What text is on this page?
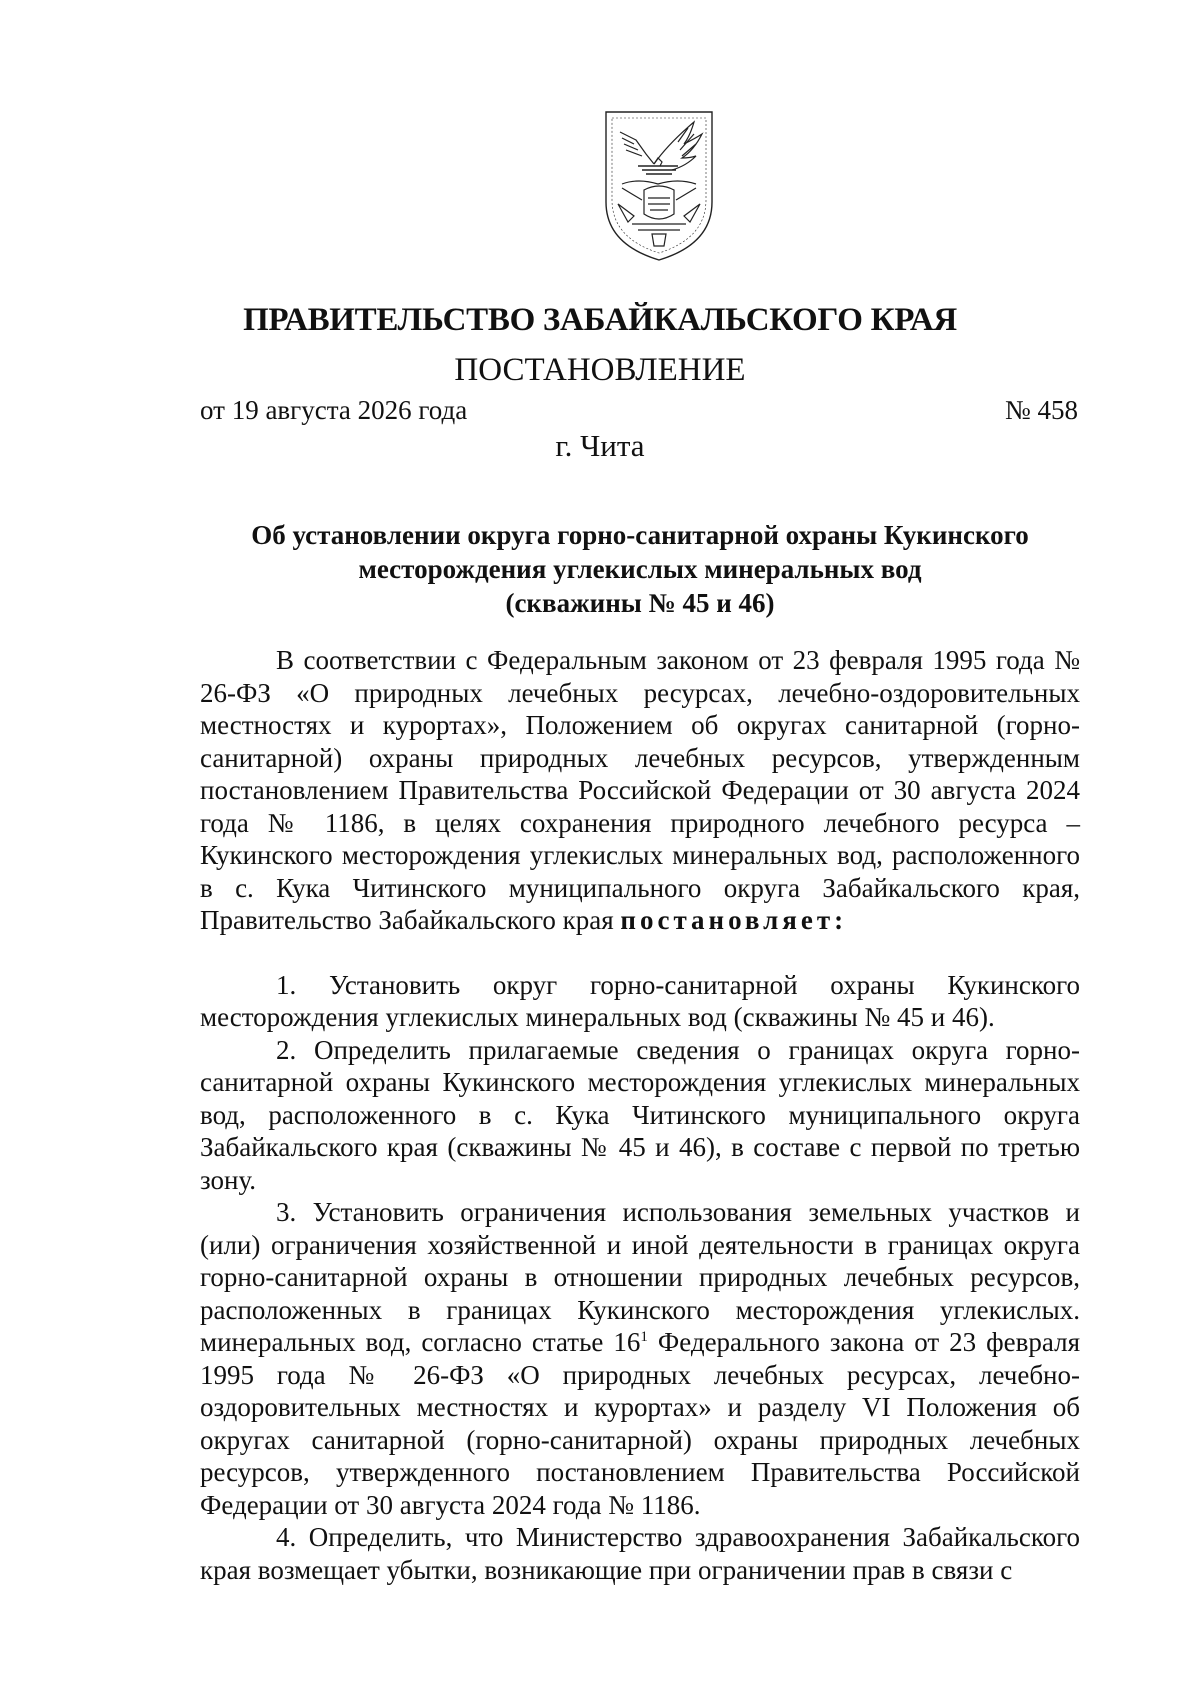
ПРАВИТЕЛЬСТВО ЗАБАЙКАЛЬСКОГО КРАЯ
ПОСТАНОВЛЕНИЕ
от 19 августа 2026 года	№ 458
г. Чита
Об установлении округа горно-санитарной охраны Кукинского
месторождения углекислых минеральных вод
(скважины № 45 и 46)

В соответствии с Федеральным законом от 23 февраля 1995 года № 26-ФЗ «О природных лечебных ресурсах, лечебно-оздоровительных местностях и курортах», Положением об округах санитарной (горно-санитарной) охраны природных лечебных ресурсов, утвержденным постановлением Правительства Российской Федерации от 30 августа 2024 года № 1186, в целях сохранения природного лечебного ресурса – Кукинского месторождения углекислых минеральных вод, расположенного в с. Кука Читинского муниципального округа Забайкальского края, Правительство Забайкальского края постановляет:

1. Установить округ горно-санитарной охраны Кукинского месторождения углекислых минеральных вод (скважины № 45 и 46).

2. Определить прилагаемые сведения о границах округа горно-санитарной охраны Кукинского месторождения углекислых минеральных вод, расположенного в с. Кука Читинского муниципального округа Забайкальского края (скважины № 45 и 46), в составе с первой по третью зону.

3. Установить ограничения использования земельных участков и (или) ограничения хозяйственной и иной деятельности в границах округа горно-санитарной охраны в отношении природных лечебных ресурсов, расположенных в границах Кукинского месторождения углекислых. минеральных вод, согласно статье $16^1$ Федерального закона от 23 февраля 1995 года № 26-ФЗ «О природных лечебных ресурсах, лечебно-оздоровительных местностях и курортах» и разделу VI Положения об округах санитарной (горно-санитарной) охраны природных лечебных ресурсов, утвержденного постановлением Правительства Российской Федерации от 30 августа 2024 года № 1186.

4. Определить, что Министерство здравоохранения Забайкальского края возмещает убытки, возникающие при ограничении прав в связи с
